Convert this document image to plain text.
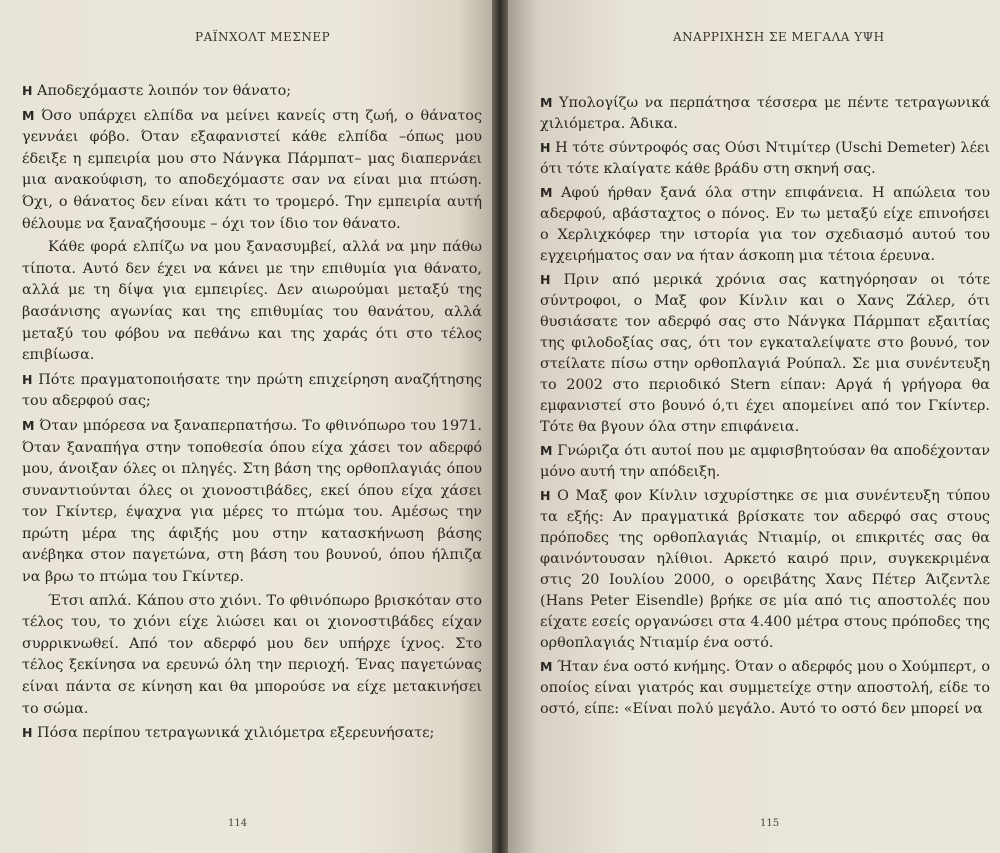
ΡΑΪΝΧΟΛΤ ΜΕΣΝΕΡ

Η Αποδεχόμαστε λοιπόν τον θάνατο;

Μ Όσο υπάρχει ελπίδα να μείνει κανείς στη ζωή, ο θάνατος γεννάει φόβο. Όταν εξαφανιστεί κάθε ελπίδα –όπως μου έδειξε η εμπειρία μου στο Νάνγκα Πάρμπατ– μας διαπερνάει μια ανακούφιση, το αποδεχόμαστε σαν να είναι μια πτώση. Όχι, ο θάνατος δεν είναι κάτι το τρομερό. Την εμπειρία αυτή θέλουμε να ξαναζήσουμε – όχι τον ίδιο τον θάνατο.

Κάθε φορά ελπίζω να μου ξανασυμβεί, αλλά να μην πάθω τίποτα. Αυτό δεν έχει να κάνει με την επιθυμία για θάνατο, αλλά με τη δίψα για εμπειρίες. Δεν αιωρούμαι μεταξύ της βασάνισης αγωνίας και της επιθυμίας του θανάτου, αλλά μεταξύ του φόβου να πεθάνω και της χαράς ότι στο τέλος επιβίωσα.

Η Πότε πραγματοποιήσατε την πρώτη επιχείρηση αναζήτησης του αδερφού σας;

Μ Όταν μπόρεσα να ξαναπερπατήσω. Το φθινόπωρο του 1971. Όταν ξαναπήγα στην τοποθεσία όπου είχα χάσει τον αδερφό μου, άνοιξαν όλες οι πληγές. Στη βάση της ορθοπλαγιάς όπου συναντιούνται όλες οι χιονοστιβάδες, εκεί όπου είχα χάσει τον Γκίντερ, έψαχνα για μέρες το πτώμα του. Αμέσως την πρώτη μέρα της άφιξής μου στην κατασκήνωση βάσης ανέβηκα στον παγετώνα, στη βάση του βουνού, όπου ήλπιζα να βρω το πτώμα του Γκίντερ.

Έτσι απλά. Κάπου στο χιόνι. Το φθινόπωρο βρισκόταν στο τέλος του, το χιόνι είχε λιώσει και οι χιονοστιβάδες είχαν συρρικνωθεί. Από τον αδερφό μου δεν υπήρχε ίχνος. Στο τέλος ξεκίνησα να ερευνώ όλη την περιοχή. Ένας παγετώνας είναι πάντα σε κίνηση και θα μπορούσε να είχε μετακινήσει το σώμα.

Η Πόσα περίπου τετραγωνικά χιλιόμετρα εξερευνήσατε;

114
ΑΝΑΡΡΙΧΗΣΗ ΣΕ ΜΕΓΑΛΑ ΥΨΗ

Μ Υπολογίζω να περπάτησα τέσσερα με πέντε τετραγωνικά χιλιόμετρα. Άδικα.

Η Η τότε σύντροφός σας Ούσι Ντιμίτερ (Uschi Demeter) λέει ότι τότε κλαίγατε κάθε βράδυ στη σκηνή σας.

Μ Αφού ήρθαν ξανά όλα στην επιφάνεια. Η απώλεια του αδερφού, αβάσταχτος ο πόνος. Εν τω μεταξύ είχε επινοήσει ο Χερλιχκόφερ την ιστορία για τον σχεδιασμό αυτού του εγχειρήματος σαν να ήταν άσκοπη μια τέτοια έρευνα.

Η Πριν από μερικά χρόνια σας κατηγόρησαν οι τότε σύντροφοι, ο Μαξ φον Κίνλιν και ο Χανς Ζάλερ, ότι θυσιάσατε τον αδερφό σας στο Νάνγκα Πάρμπατ εξαιτίας της φιλοδοξίας σας, ότι τον εγκαταλείψατε στο βουνό, τον στείλατε πίσω στην ορθοπλαγιά Ρούπαλ. Σε μια συνέντευξη το 2002 στο περιοδικό Stern είπαν: Αργά ή γρήγορα θα εμφανιστεί στο βουνό ό,τι έχει απομείνει από τον Γκίντερ. Τότε θα βγουν όλα στην επιφάνεια.

Μ Γνώριζα ότι αυτοί που με αμφισβητούσαν θα αποδέχονταν μόνο αυτή την απόδειξη.

Η Ο Μαξ φον Κίνλιν ισχυρίστηκε σε μια συνέντευξη τύπου τα εξής: Αν πραγματικά βρίσκατε τον αδερφό σας στους πρόποδες της ορθοπλαγιάς Ντιαμίρ, οι επικριτές σας θα φαινόντουσαν ηλίθιοι. Αρκετό καιρό πριν, συγκεκριμένα στις 20 Ιουλίου 2000, ο ορειβάτης Χανς Πέτερ Άιζεντλε (Hans Peter Eisendle) βρήκε σε μία από τις αποστολές που είχατε εσείς οργανώσει στα 4.400 μέτρα στους πρόποδες της ορθοπλαγιάς Ντιαμίρ ένα οστό.

Μ Ήταν ένα οστό κνήμης. Όταν ο αδερφός μου ο Χούμπερτ, ο οποίος είναι γιατρός και συμμετείχε στην αποστολή, είδε το οστό, είπε: «Είναι πολύ μεγάλο. Αυτό το οστό δεν μπορεί να

115
